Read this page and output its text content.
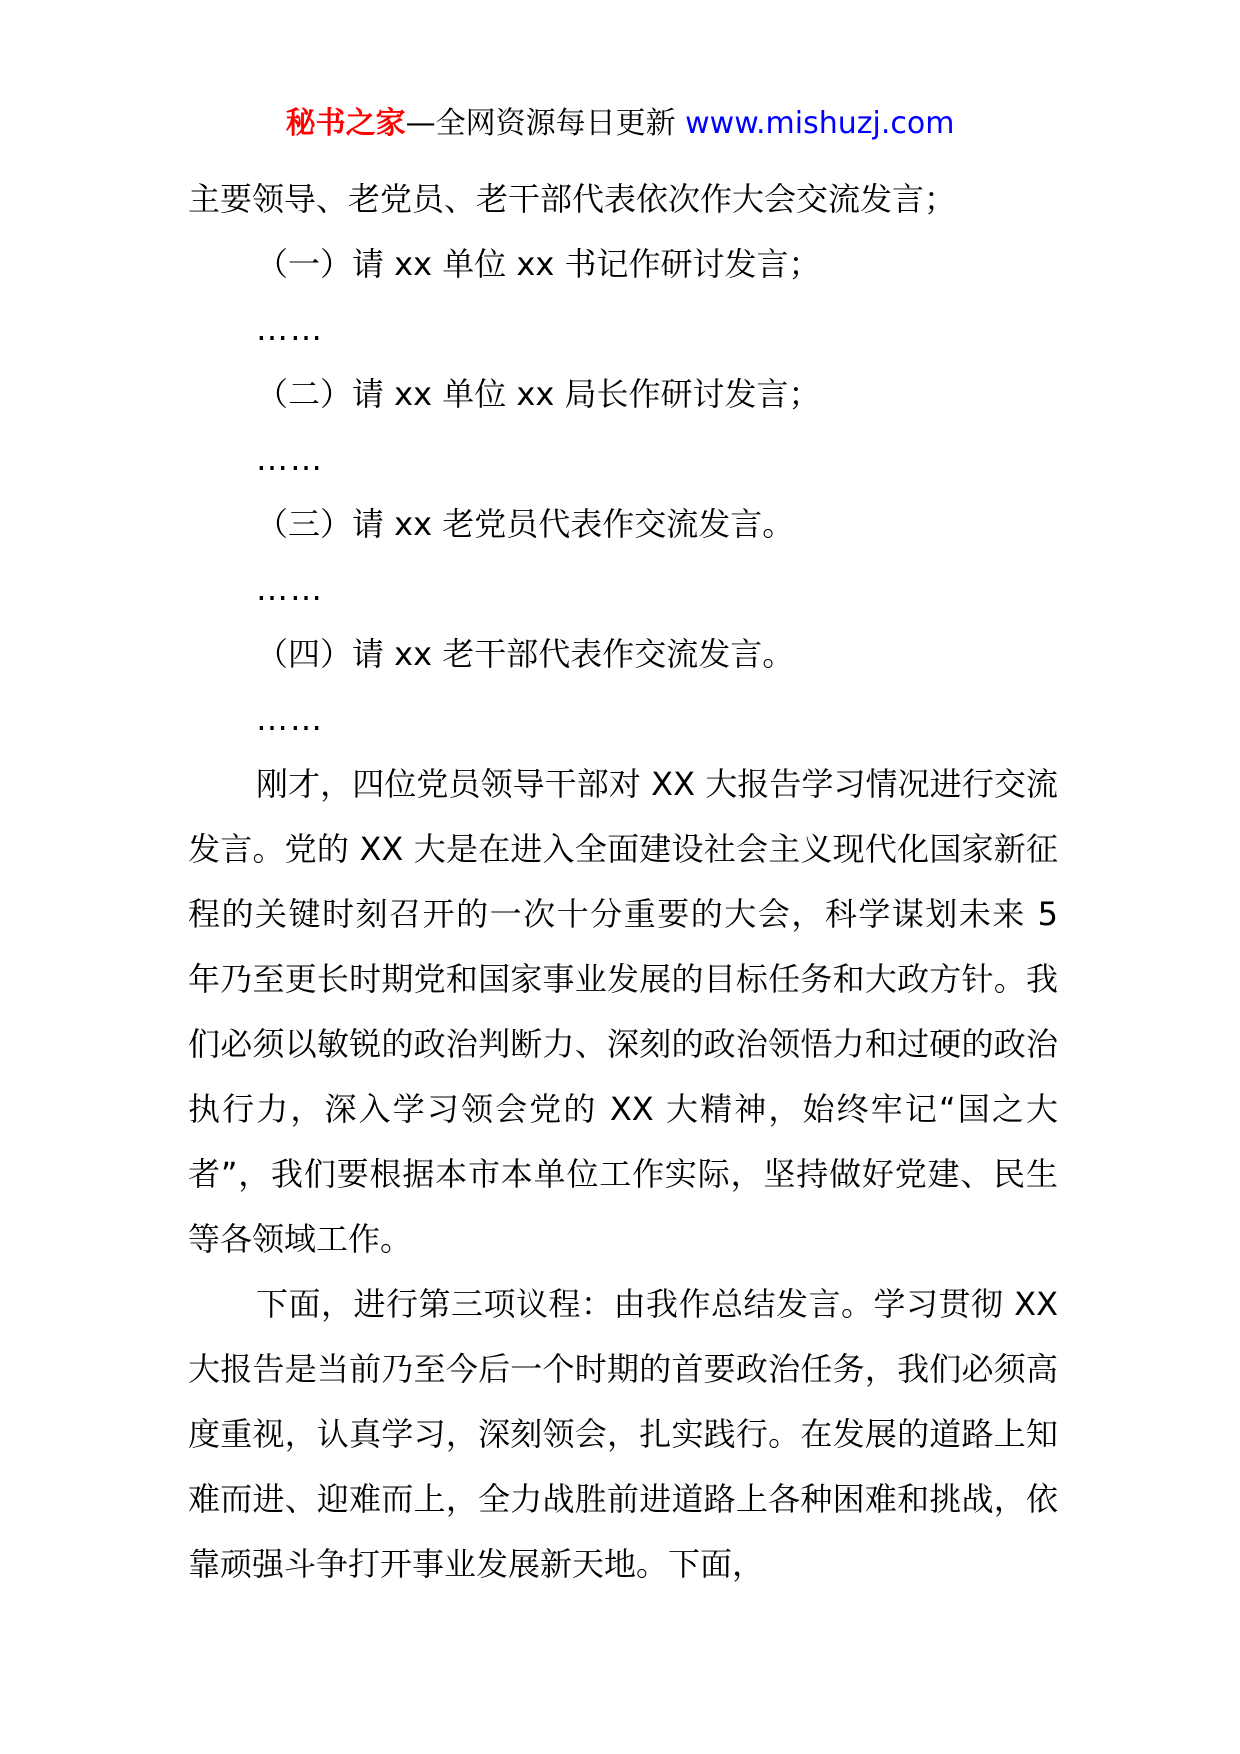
秘书之家—全网资源每日更新 www.mishuzj.com

主要领导、老党员、老干部代表依次作大会交流发言；

（一）请 xx 单位 xx 书记作研讨发言；

……

（二）请 xx 单位 xx 局长作研讨发言；

……

（三）请 xx 老党员代表作交流发言。

……

（四）请 xx 老干部代表作交流发言。

……

刚才，四位党员领导干部对 XX 大报告学习情况进行交流发言。党的 XX 大是在进入全面建设社会主义现代化国家新征程的关键时刻召开的一次十分重要的大会，科学谋划未来 5 年乃至更长时期党和国家事业发展的目标任务和大政方针。我们必须以敏锐的政治判断力、深刻的政治领悟力和过硬的政治执行力，深入学习领会党的 XX 大精神，始终牢记“国之大者”，我们要根据本市本单位工作实际，坚持做好党建、民生等各领域工作。

下面，进行第三项议程：由我作总结发言。学习贯彻 XX 大报告是当前乃至今后一个时期的首要政治任务，我们必须高度重视，认真学习，深刻领会，扎实践行。在发展的道路上知难而进、迎难而上，全力战胜前进道路上各种困难和挑战，依靠顽强斗争打开事业发展新天地。下面，
